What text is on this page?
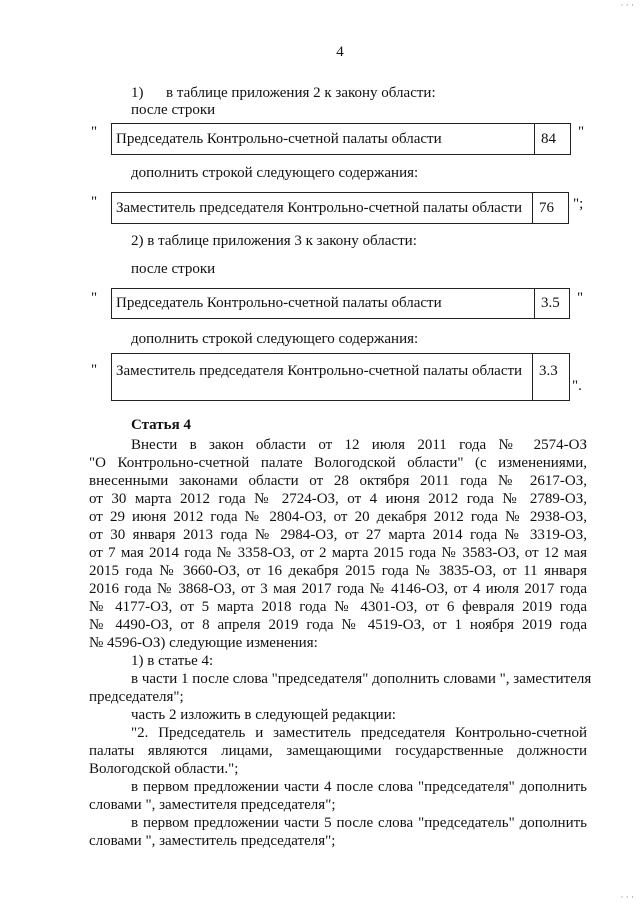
· · ·
4
1)      в таблице приложения 2 к закону области:
после строки
" Председатель Контрольно-счетной палаты области	84	"
дополнить строкой следующего содержания:
" Заместитель председателя Контрольно-счетной палаты области	76	";
2) в таблице приложения 3 к закону области:
после строки
" Председатель Контрольно-счетной палаты области	3.5	"
дополнить строкой следующего содержания:
" Заместитель председателя Контрольно-счетной палаты области	3.3
".
Статья 4
Внести в закон области от 12 июля 2011 года № 2574-ОЗ
"О Контрольно-счетной палате Вологодской области" (с изменениями,
внесенными законами области от 28 октября 2011 года № 2617-ОЗ,
от 30 марта 2012 года № 2724-ОЗ, от 4 июня 2012 года № 2789-ОЗ,
от 29 июня 2012 года № 2804-ОЗ, от 20 декабря 2012 года № 2938-ОЗ,
от 30 января 2013 года № 2984-ОЗ, от 27 марта 2014 года № 3319-ОЗ,
от 7 мая 2014 года № 3358-ОЗ, от 2 марта 2015 года № 3583-ОЗ, от 12 мая
2015 года № 3660-ОЗ, от 16 декабря 2015 года № 3835-ОЗ, от 11 января
2016 года № 3868-ОЗ, от 3 мая 2017 года № 4146-ОЗ, от 4 июля 2017 года
№ 4177-ОЗ, от 5 марта 2018 года № 4301-ОЗ, от 6 февраля 2019 года
№ 4490-ОЗ, от 8 апреля 2019 года № 4519-ОЗ, от 1 ноября 2019 года
№ 4596-ОЗ) следующие изменения:
1) в статье 4:
в части 1 после слова "председателя" дополнить словами ", заместителя
председателя";
часть 2 изложить в следующей редакции:
"2. Председатель и заместитель председателя Контрольно-счетной
палаты являются лицами, замещающими государственные должности
Вологодской области.";
в первом предложении части 4 после слова "председателя" дополнить
словами ", заместителя председателя";
в первом предложении части 5 после слова "председатель" дополнить
словами ", заместитель председателя";
· · ·
